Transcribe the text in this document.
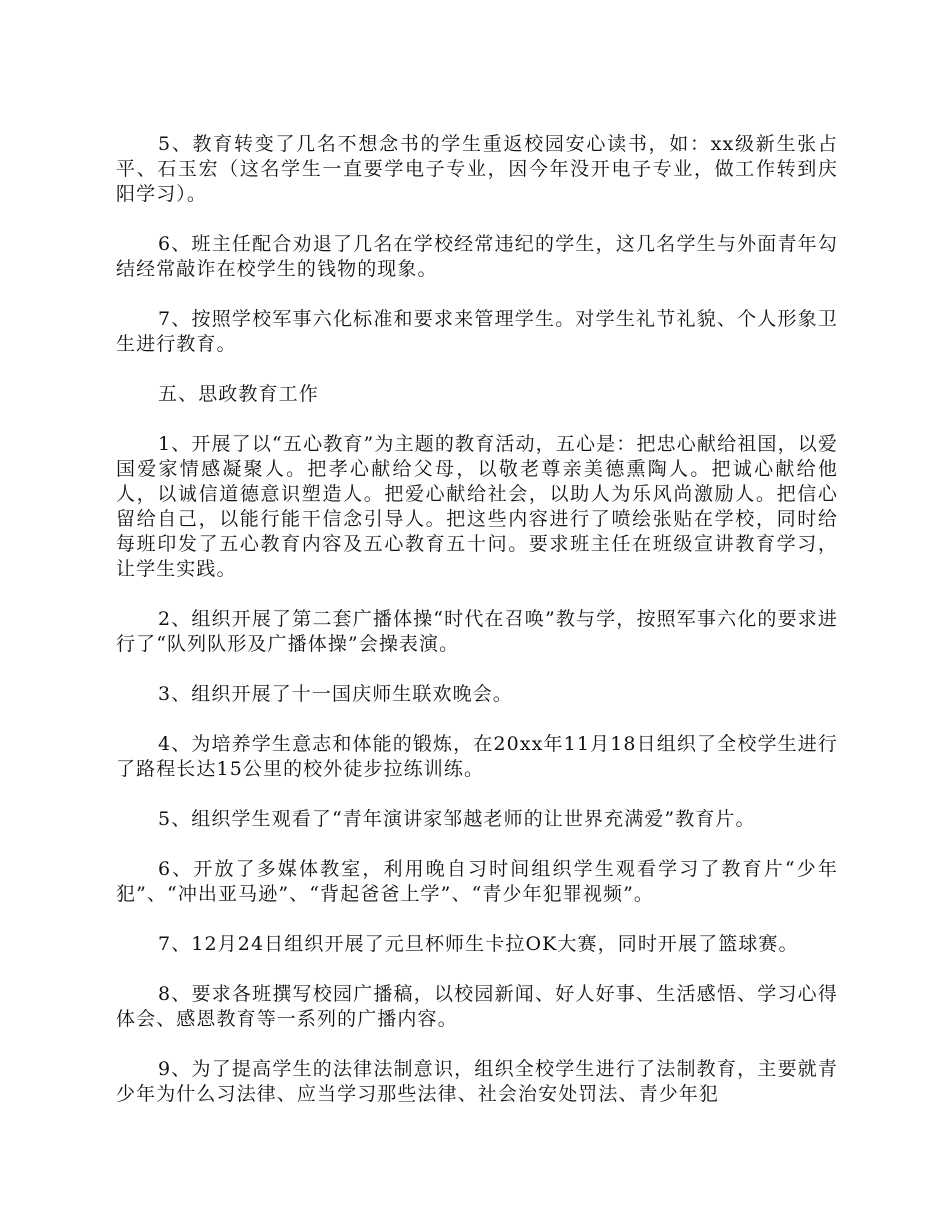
5、教育转变了几名不想念书的学生重返校园安心读书，如：xx级新生张占平、石玉宏（这名学生一直要学电子专业，因今年没开电子专业，做工作转到庆阳学习）。

6、班主任配合劝退了几名在学校经常违纪的学生，这几名学生与外面青年勾结经常敲诈在校学生的钱物的现象。

7、按照学校军事六化标准和要求来管理学生。对学生礼节礼貌、个人形象卫生进行教育。

五、思政教育工作

1、开展了以“五心教育”为主题的教育活动，五心是：把忠心献给祖国，以爱国爱家情感凝聚人。把孝心献给父母，以敬老尊亲美德熏陶人。把诚心献给他人，以诚信道德意识塑造人。把爱心献给社会，以助人为乐风尚激励人。把信心留给自己，以能行能干信念引导人。把这些内容进行了喷绘张贴在学校，同时给每班印发了五心教育内容及五心教育五十问。要求班主任在班级宣讲教育学习，让学生实践。

2、组织开展了第二套广播体操“时代在召唤”教与学，按照军事六化的要求进行了“队列队形及广播体操”会操表演。

3、组织开展了十一国庆师生联欢晚会。

4、为培养学生意志和体能的锻炼，在20xx年11月18日组织了全校学生进行了路程长达15公里的校外徒步拉练训练。

5、组织学生观看了“青年演讲家邹越老师的让世界充满爱”教育片。

6、开放了多媒体教室，利用晚自习时间组织学生观看学习了教育片“少年犯”、“冲出亚马逊”、“背起爸爸上学”、“青少年犯罪视频”。

7、12月24日组织开展了元旦杯师生卡拉OK大赛，同时开展了篮球赛。

8、要求各班撰写校园广播稿，以校园新闻、好人好事、生活感悟、学习心得体会、感恩教育等一系列的广播内容。

9、为了提高学生的法律法制意识，组织全校学生进行了法制教育，主要就青少年为什么习法律、应当学习那些法律、社会治安处罚法、青少年犯
